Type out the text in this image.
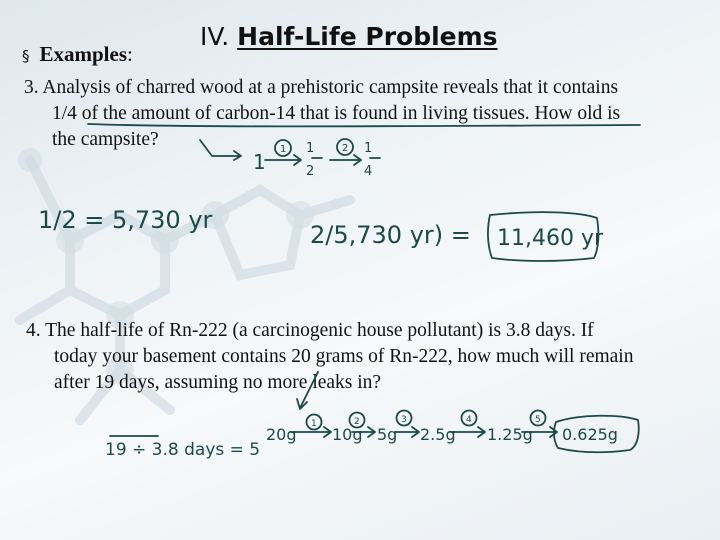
IV. Half-Life Problems
§ Examples:
3. Analysis of charred wood at a prehistoric campsite reveals that it contains
1/4 of the amount of carbon-14 that is found in living tissues. How old is
the campsite?
4. The half-life of Rn-222 (a carcinogenic house pollutant) is 3.8 days. If
today your basement contains 20 grams of Rn-222, how much will remain
after 19 days, assuming no more leaks in?
1
1
2
1
4
1	2
1/2 = 5,730 yr
2/5,730 yr) = 11,460 yr
19 ÷ 3.8 days = 5
20g 10g 5g 2.5g 1.25g 0.625g
1	2	3	4	5
